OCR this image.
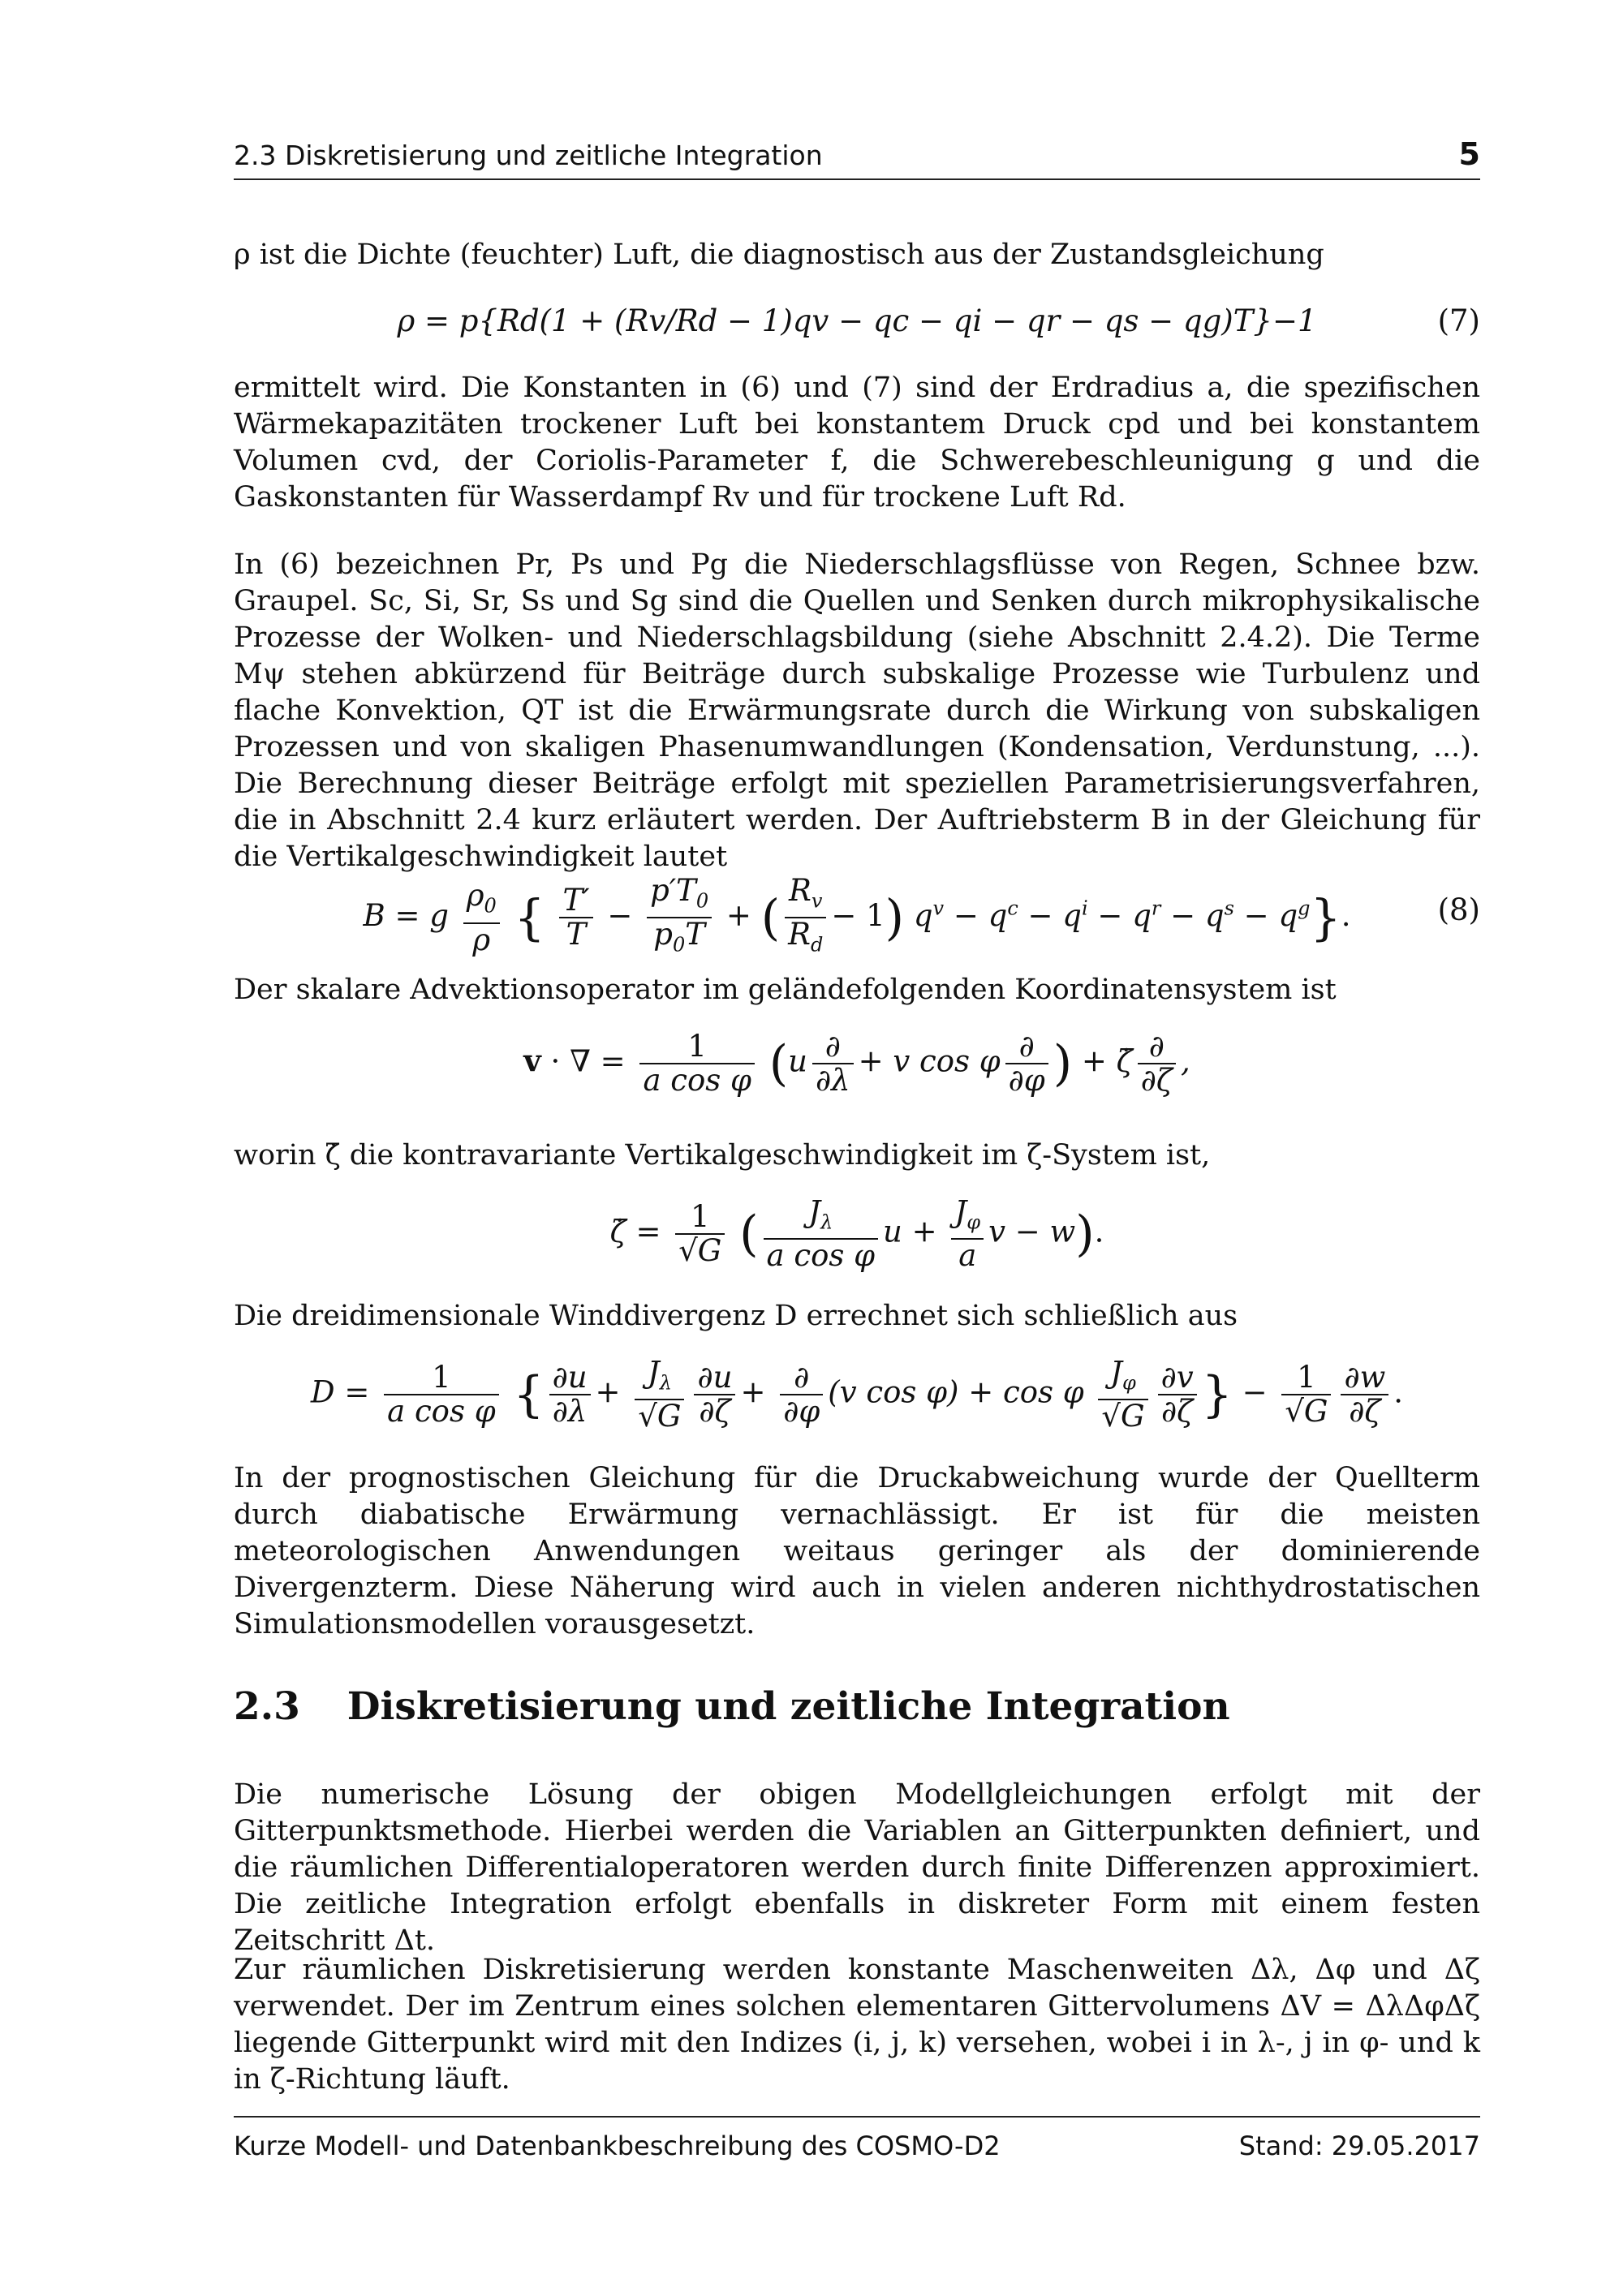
2.3 Diskretisierung und zeitliche Integration	5

ρ ist die Dichte (feuchter) Luft, die diagnostisch aus der Zustandsgleichung

ρ = p{Rd(1 + (Rv/Rd − 1)qv − qc − qi − qr − qs − qg)T}−1	(7)

ermittelt wird. Die Konstanten in (6) und (7) sind der Erdradius a, die spezifischen Wärmekapazitäten trockener Luft bei konstantem Druck cpd und bei konstantem Volumen cvd, der Coriolis-Parameter f, die Schwerebeschleunigung g und die Gaskonstanten für Wasserdampf Rv und für trockene Luft Rd.

In (6) bezeichnen Pr, Ps und Pg die Niederschlagsflüsse von Regen, Schnee bzw. Graupel. Sc, Si, Sr, Ss und Sg sind die Quellen und Senken durch mikrophysikalische Prozesse der Wolken- und Niederschlagsbildung (siehe Abschnitt 2.4.2). Die Terme Mψ stehen abkürzend für Beiträge durch subskalige Prozesse wie Turbulenz und flache Konvektion, QT ist die Erwärmungsrate durch die Wirkung von subskaligen Prozessen und von skaligen Phasenumwandlungen (Kondensation, Verdunstung, ...). Die Berechnung dieser Beiträge erfolgt mit speziellen Parametrisierungsverfahren, die in Abschnitt 2.4 kurz erläutert werden. Der Auftriebsterm B in der Gleichung für die Vertikalgeschwindigkeit lautet

B = g $\frac{\rho_0}{\rho}$ { $\frac{T'}{T} - \frac{p'T_0}{p_0T}$ + ( $\frac{R_v}{R_d} - 1$) $q^v - q^c - q^i - q^r - q^s - q^g$}.	(8)

Der skalare Advektionsoperator im geländefolgenden Koordinatensystem ist

v · ∇ = $\frac{1}{\text{a cos φ}} (u \frac{\partial}{\partial\lambda} + v$ cos φ $\frac{\partial}{\partial\varphi}$ ) + ζ̇ $\frac{\partial}{\partial\zeta}$ ,

worin ζ̇ die kontravariante Vertikalgeschwindigkeit im ζ-System ist,

ζ̇ = $\frac{1}{√G}$ ( $\frac{J_\lambda}{\text{a cos φ}}$ $u + \frac{J_\varphi}{a}$ v − w).

Die dreidimensionale Winddivergenz D errechnet sich schließlich aus

$D = \frac{1}{\text{a cos φ}}$ { $\frac{\partial u}{\partial\lambda} + \frac{J_\lambda}{√G} \frac{\partial u}{\partial\zeta} + \frac{\partial}{\partial\varphi} (v$ cos φ) + cos φ $\frac{J_\varphi}{√G} \frac{\partial v}{\partial\zeta}$ } − $\frac{1}{√G} \frac{\partial w}{\partial\zeta}$ .

In der prognostischen Gleichung für die Druckabweichung wurde der Quellterm durch diabatische Erwärmung vernachlässigt. Er ist für die meisten meteorologischen Anwendungen weitaus geringer als der dominierende Divergenzterm. Diese Näherung wird auch in vielen anderen nichthydrostatischen Simulationsmodellen vorausgesetzt.

2.3 Diskretisierung und zeitliche Integration

Die numerische Lösung der obigen Modellgleichungen erfolgt mit der Gitterpunktsmethode. Hierbei werden die Variablen an Gitterpunkten definiert, und die räumlichen Differentialoperatoren werden durch finite Differenzen approximiert. Die zeitliche Integration erfolgt ebenfalls in diskreter Form mit einem festen Zeitschritt Δt.

Zur räumlichen Diskretisierung werden konstante Maschenweiten Δλ, Δφ und Δζ verwendet. Der im Zentrum eines solchen elementaren Gittervolumens ΔV = ΔλΔφΔζ liegende Gitterpunkt wird mit den Indizes (i, j, k) versehen, wobei i in λ-, j in φ- und k in ζ-Richtung läuft.

Kurze Modell- und Datenbankbeschreibung des COSMO-D2	Stand: 29.05.2017
